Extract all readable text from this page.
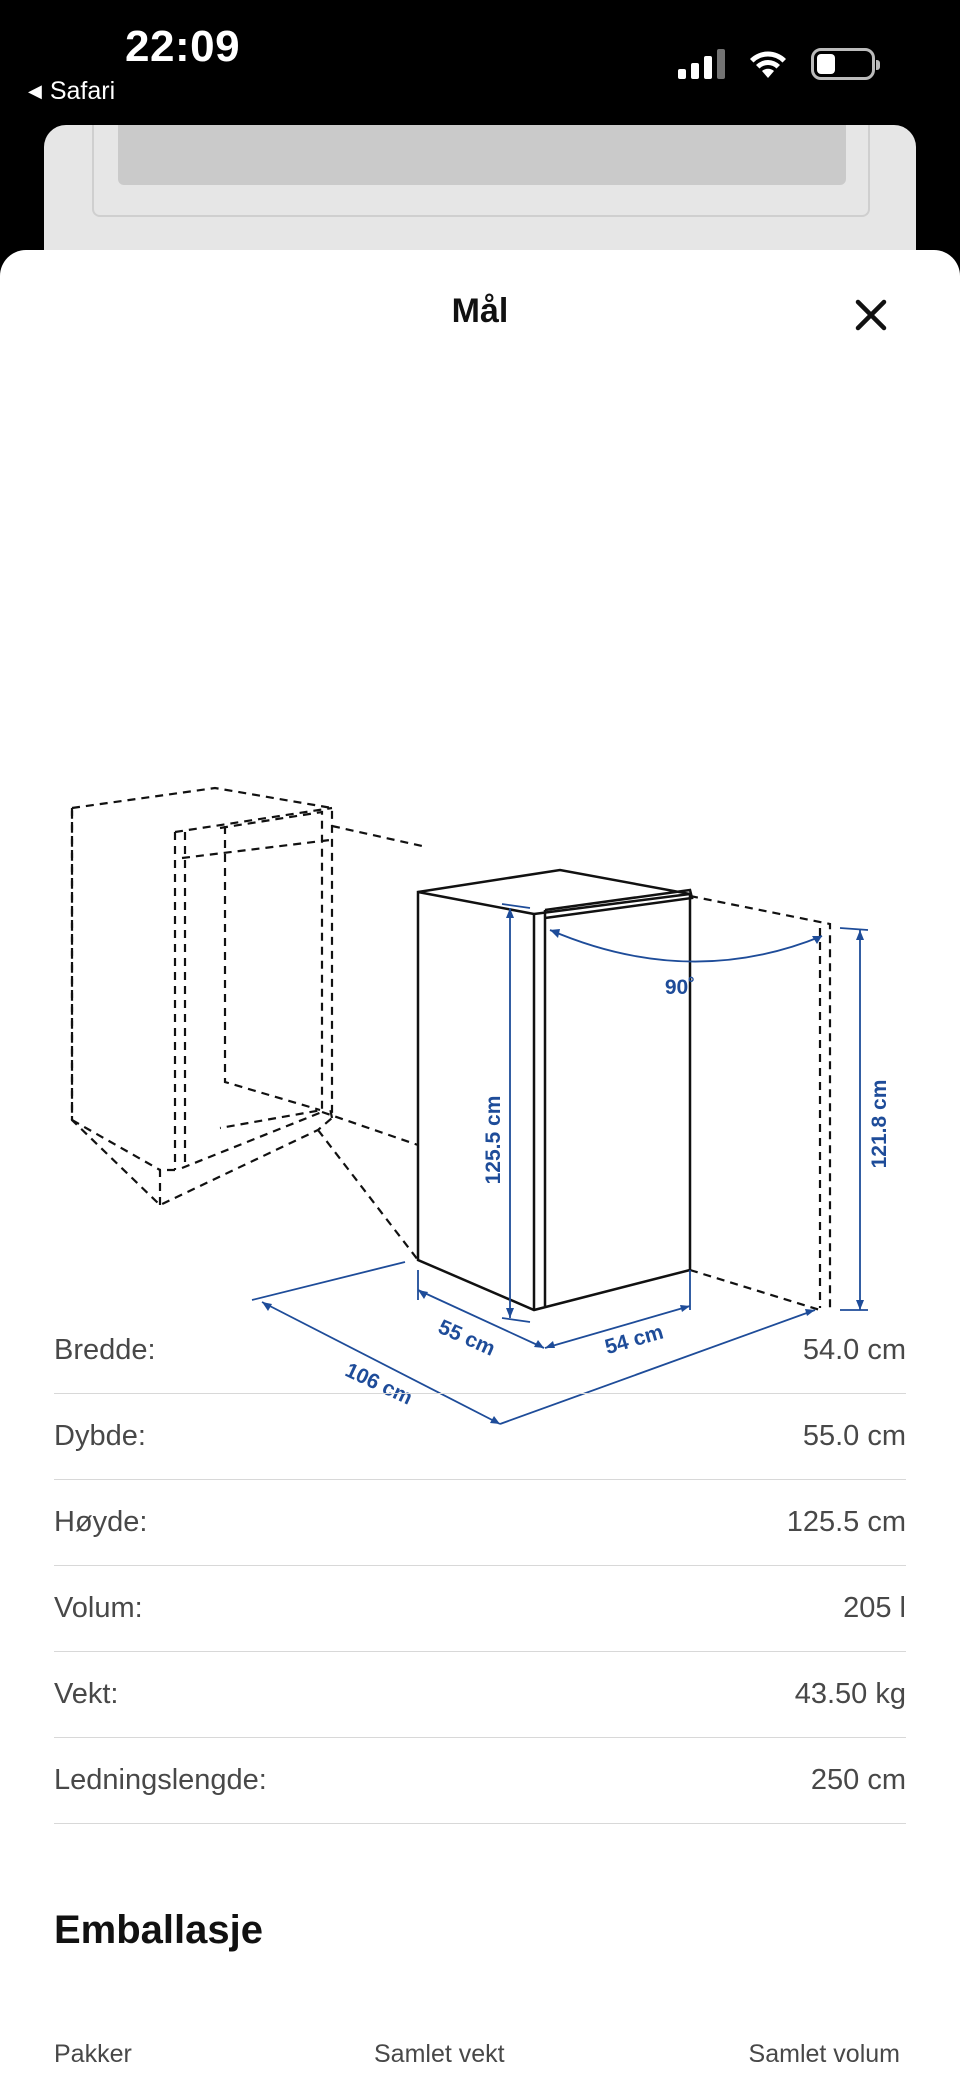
22:09
◀ Safari
Mål
125.5 cm	121.8 cm
55 cm	54 cm
106 cm
90˚
Bredde:	54.0 cm
Dybde:	55.0 cm
Høyde:	125.5 cm
Volum:	205 l
Vekt:	43.50 kg
Ledningslengde:	250 cm
Emballasje
Pakker	Samlet vekt	Samlet volum
